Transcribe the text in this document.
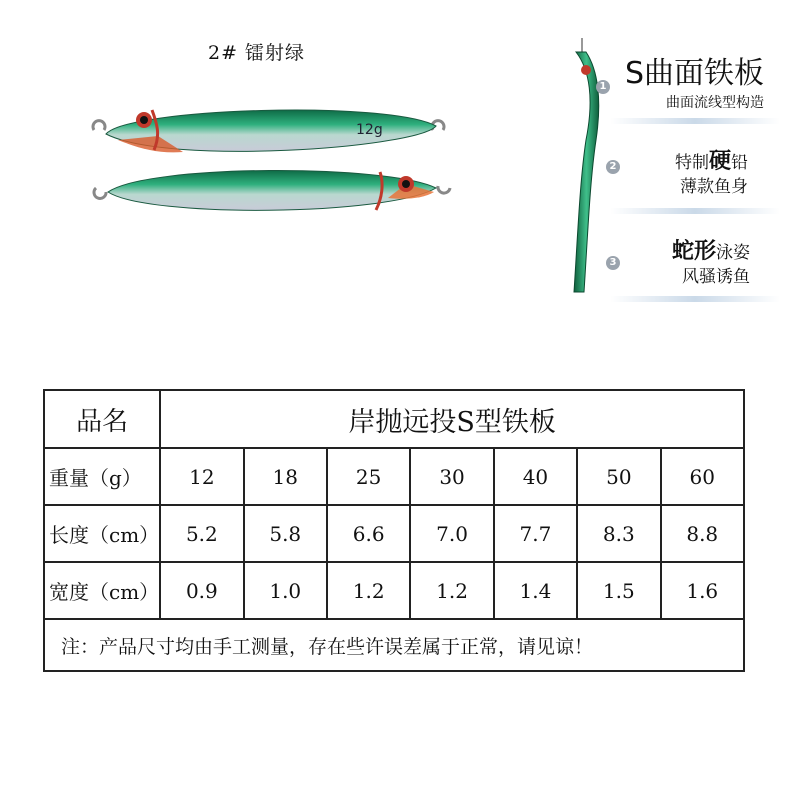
2# 镭射绿
12g
1
2
3
S曲面铁板
曲面流线型构造
特制硬铅
薄款鱼身
蛇形泳姿
风骚诱鱼
品名	岸抛远投S型铁板						
重量（g）	12	18	25	30	40	50	60
长度（cm）	5.2	5.8	6.6	7.0	7.7	8.3	8.8
宽度（cm）	0.9	1.0	1.2	1.2	1.4	1.5	1.6
注：产品尺寸均由手工测量，存在些许误差属于正常，请见谅！							
